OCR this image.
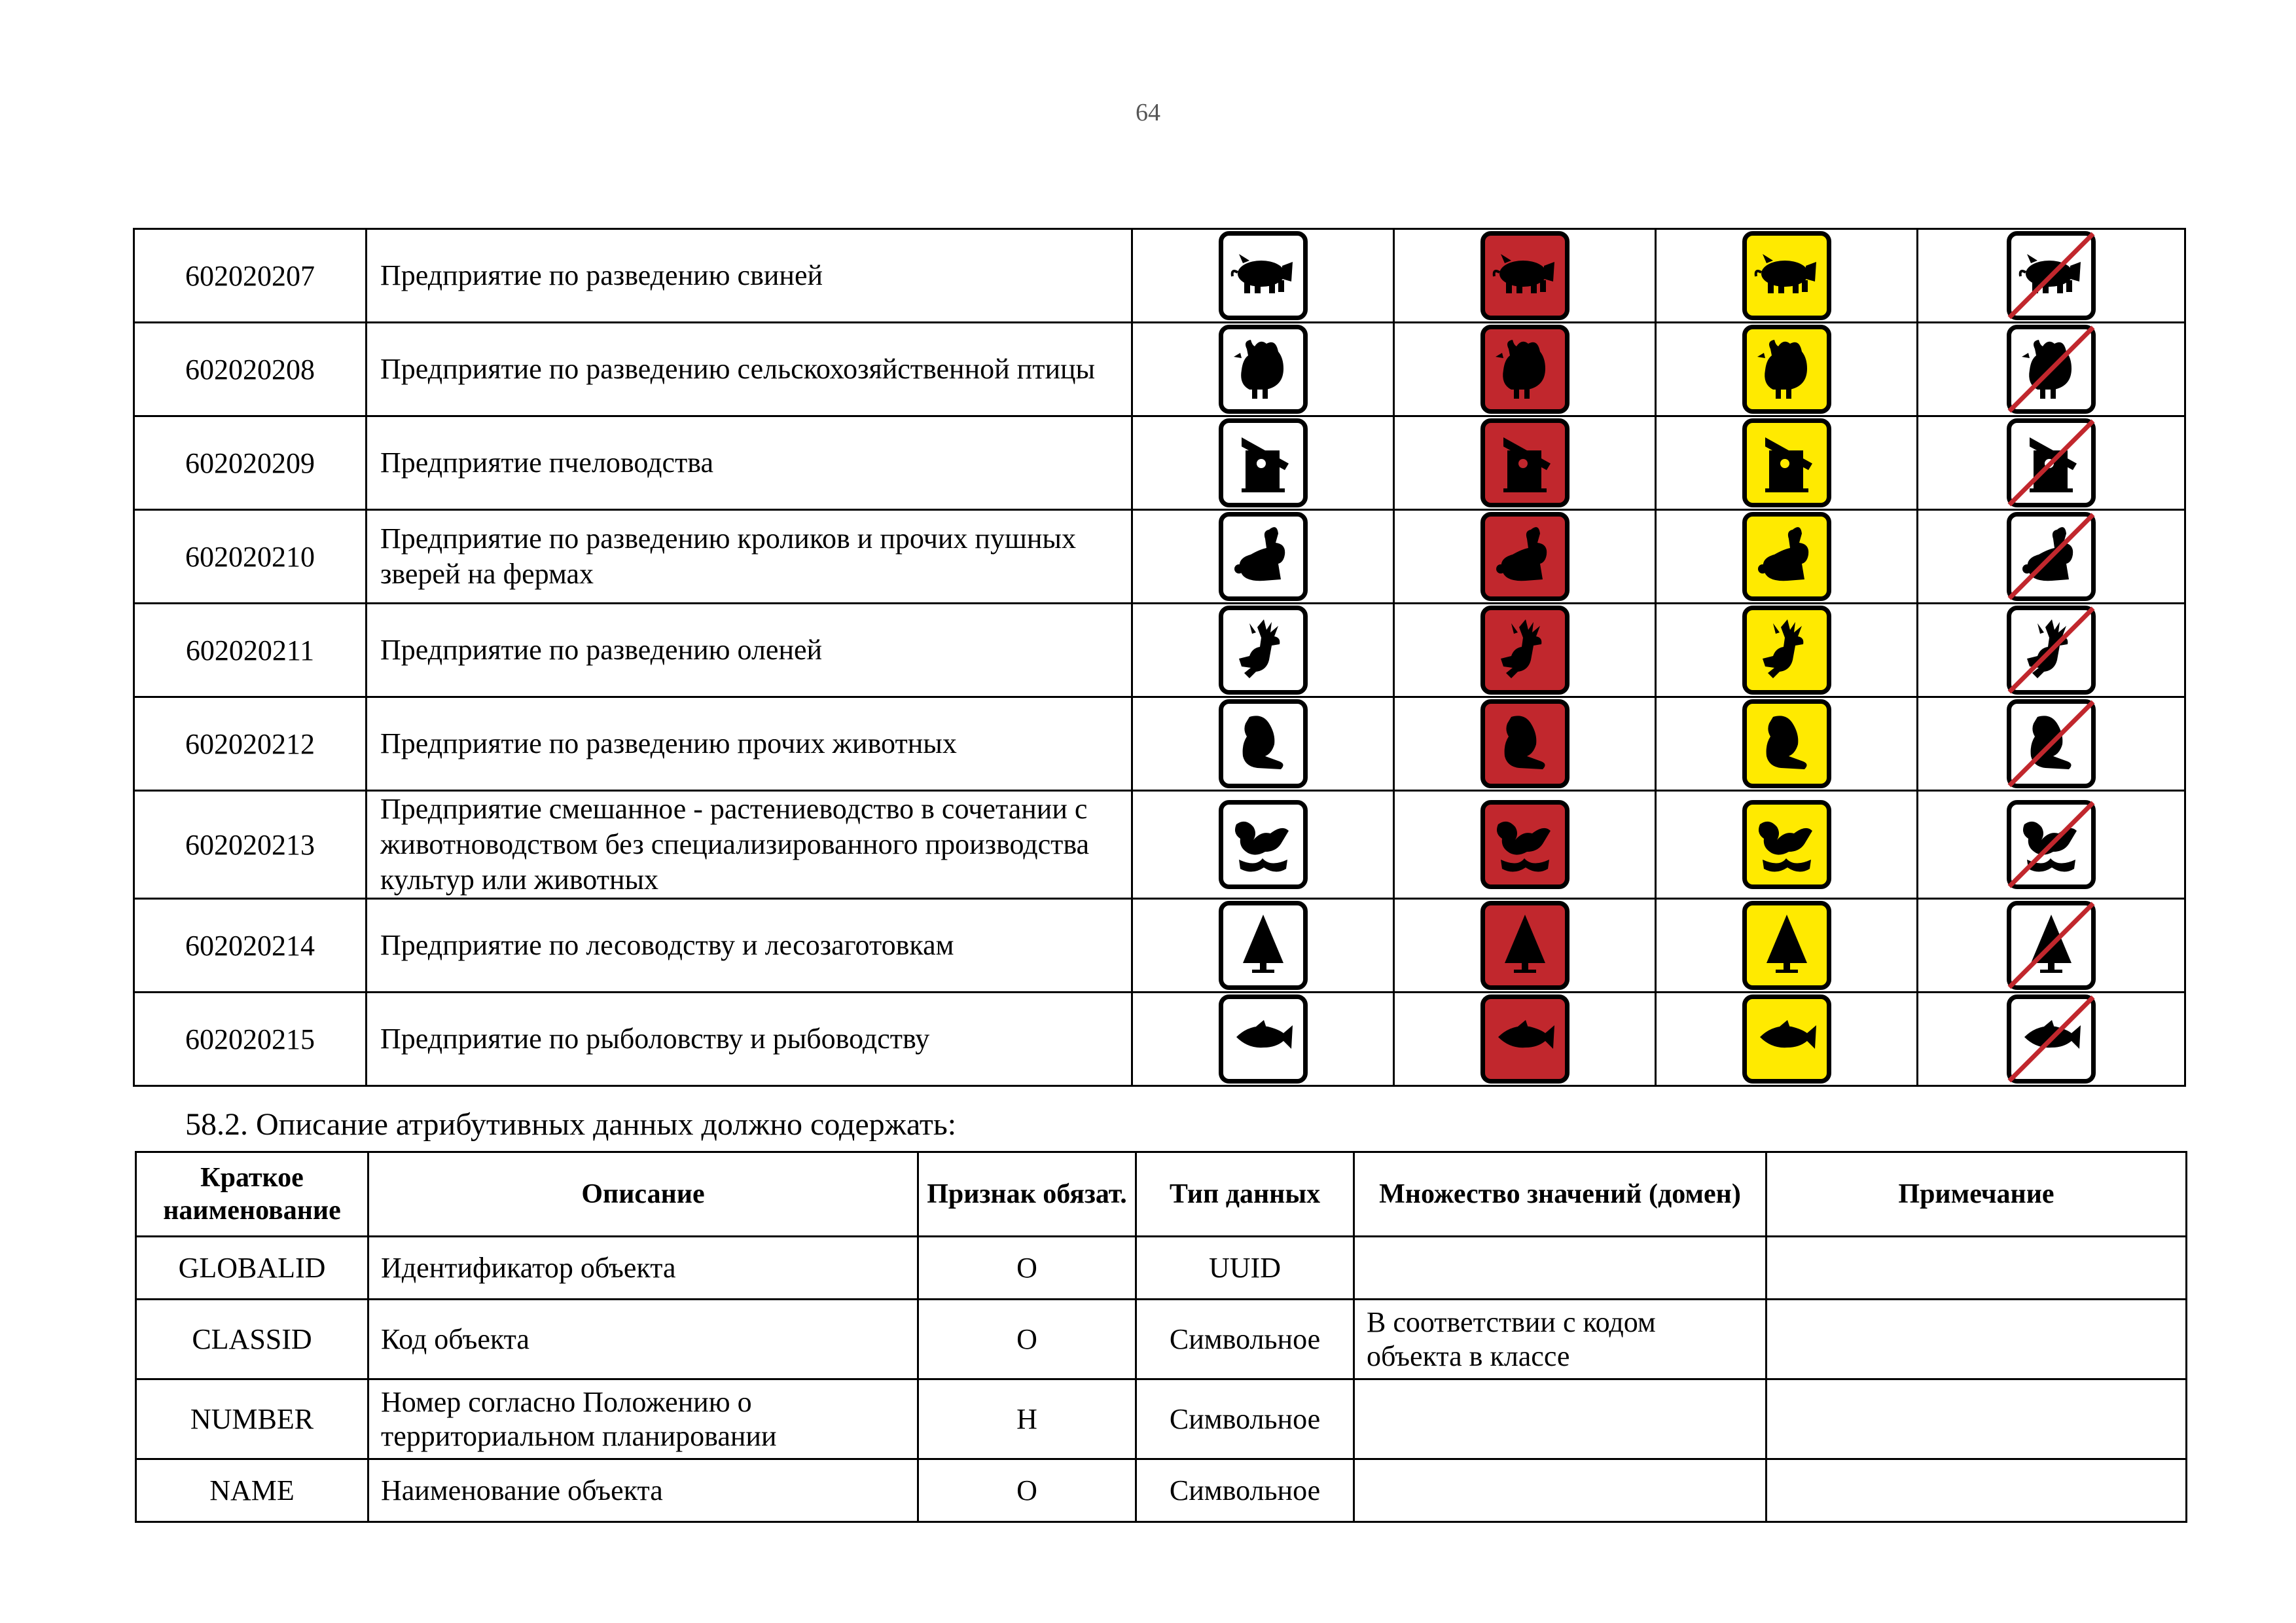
64
602020207	Предприятие по разведению свиней	

602020208	Предприятие по разведению сельскохозяйственной птицы	

602020209	Предприятие пчеловодства	

602020210	Предприятие по разведению кроликов и прочих пушных зверей на фермах	

602020211	Предприятие по разведению оленей	

602020212	Предприятие по разведению прочих животных	

602020213	Предприятие смешанное - растениеводство в сочетании с животноводством без специализированного производства культур или животных	

602020214	Предприятие по лесоводству и лесозаготовкам	

602020215	Предприятие по рыболовству и рыбоводству	

58.2. Описание атрибутивных данных должно содержать:
Краткое наименование	Описание	Признак обязат.	Тип данных	Множество значений (домен)	Примечание
GLOBALID	Идентификатор объекта	О	UUID		
CLASSID	Код объекта	О	Символьное	В соответствии с кодом объекта в классе	
NUMBER	Номер согласно Положению о территориальном планировании	Н	Символьное		
NAME	Наименование объекта	О	Символьное		
